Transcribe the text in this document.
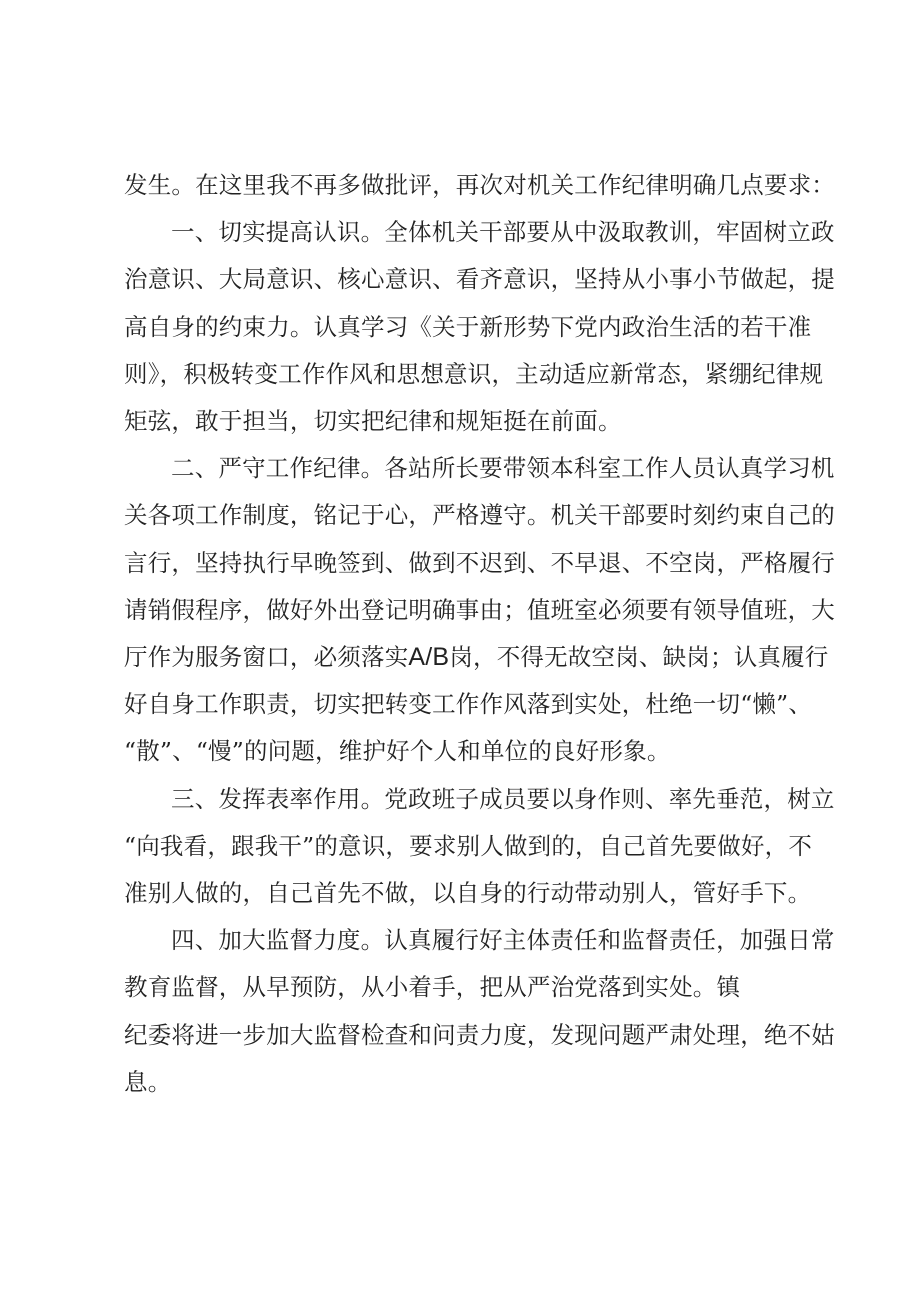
发生。在这里我不再多做批评，再次对机关工作纪律明确几点要求：

一、切实提高认识。全体机关干部要从中汲取教训，牢固树立政

治意识、大局意识、核心意识、看齐意识，坚持从小事小节做起，提

高自身的约束力。认真学习《关于新形势下党内政治生活的若干准

则》，积极转变工作作风和思想意识，主动适应新常态，紧绷纪律规

矩弦，敢于担当，切实把纪律和规矩挺在前面。

二、严守工作纪律。各站所长要带领本科室工作人员认真学习机

关各项工作制度，铭记于心，严格遵守。机关干部要时刻约束自己的

言行，坚持执行早晚签到、做到不迟到、不早退、不空岗，严格履行

请销假程序，做好外出登记明确事由；值班室必须要有领导值班，大

厅作为服务窗口，必须落实A/B岗，不得无故空岗、缺岗；认真履行

好自身工作职责，切实把转变工作作风落到实处，杜绝一切“懒”、

“散”、“慢”的问题，维护好个人和单位的良好形象。

三、发挥表率作用。党政班子成员要以身作则、率先垂范，树立

“向我看，跟我干”的意识，要求别人做到的，自己首先要做好，不

准别人做的，自己首先不做，以自身的行动带动别人，管好手下。

四、加大监督力度。认真履行好主体责任和监督责任，加强日常

教育监督，从早预防，从小着手，把从严治党落到实处。镇

纪委将进一步加大监督检查和问责力度，发现问题严肃处理，绝不姑

息。
